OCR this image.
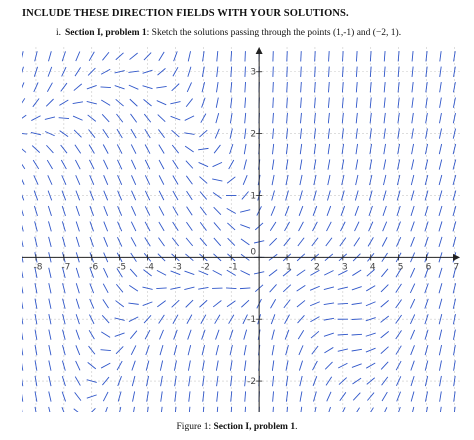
INCLUDE THESE DIRECTION FIELDS WITH YOUR SOLUTIONS.
i. Section I, problem 1: Sketch the solutions passing through the points (1,-1) and (−2, 1).
-8 -7 -6 -5 -4 -3 -2 -1	1 2 3 4 5 6 7
-2
-1
0
1
2
3
Figure 1: Section I, problem 1.
